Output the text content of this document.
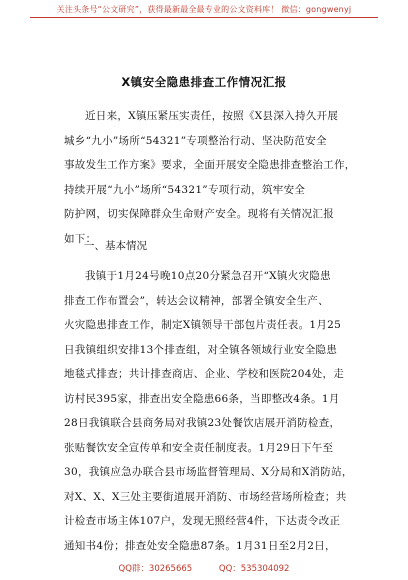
关注头条号“公文研究”，获得最新最全最专业的公文资料库！ 微信：gongwenyj
X镇安全隐患排查工作情况汇报
近日来，X镇压紧压实责任，按照《X县深入持久开展
城乡“九小”场所“54321”专项整治行动、坚决防范安全
事故发生工作方案》要求，全面开展安全隐患排查整治工作，
持续开展“九小”场所“54321”专项行动，筑牢安全
防护网，切实保障群众生命财产安全。现将有关情况汇报
如下：
一、基本情况
我镇于1月24号晚10点20分紧急召开“X镇火灾隐患
排查工作布置会”，转达会议精神，部署全镇安全生产、
火灾隐患排查工作，制定X镇领导干部包片责任表。1月25
日我镇组织安排13个排查组，对全镇各领域行业安全隐患
地毯式排查；共计排查商店、企业、学校和医院204处，走
访村民395家，排查出安全隐患66条，当即整改4条。1月
28日我镇联合县商务局对我镇23处餐饮店展开消防检查，
张贴餐饮安全宣传单和安全责任制度表。1月29日下午至
30，我镇应急办联合县市场监督管理局、X分局和X消防站，
对X、X、X三处主要街道展开消防、市场经营场所检查；共
计检查市场主体107户，发现无照经营4件，下达责令改正
通知书4份；排查处安全隐患87条。1月31日至2月2日，
QQ群：30265665	QQ：535304092
